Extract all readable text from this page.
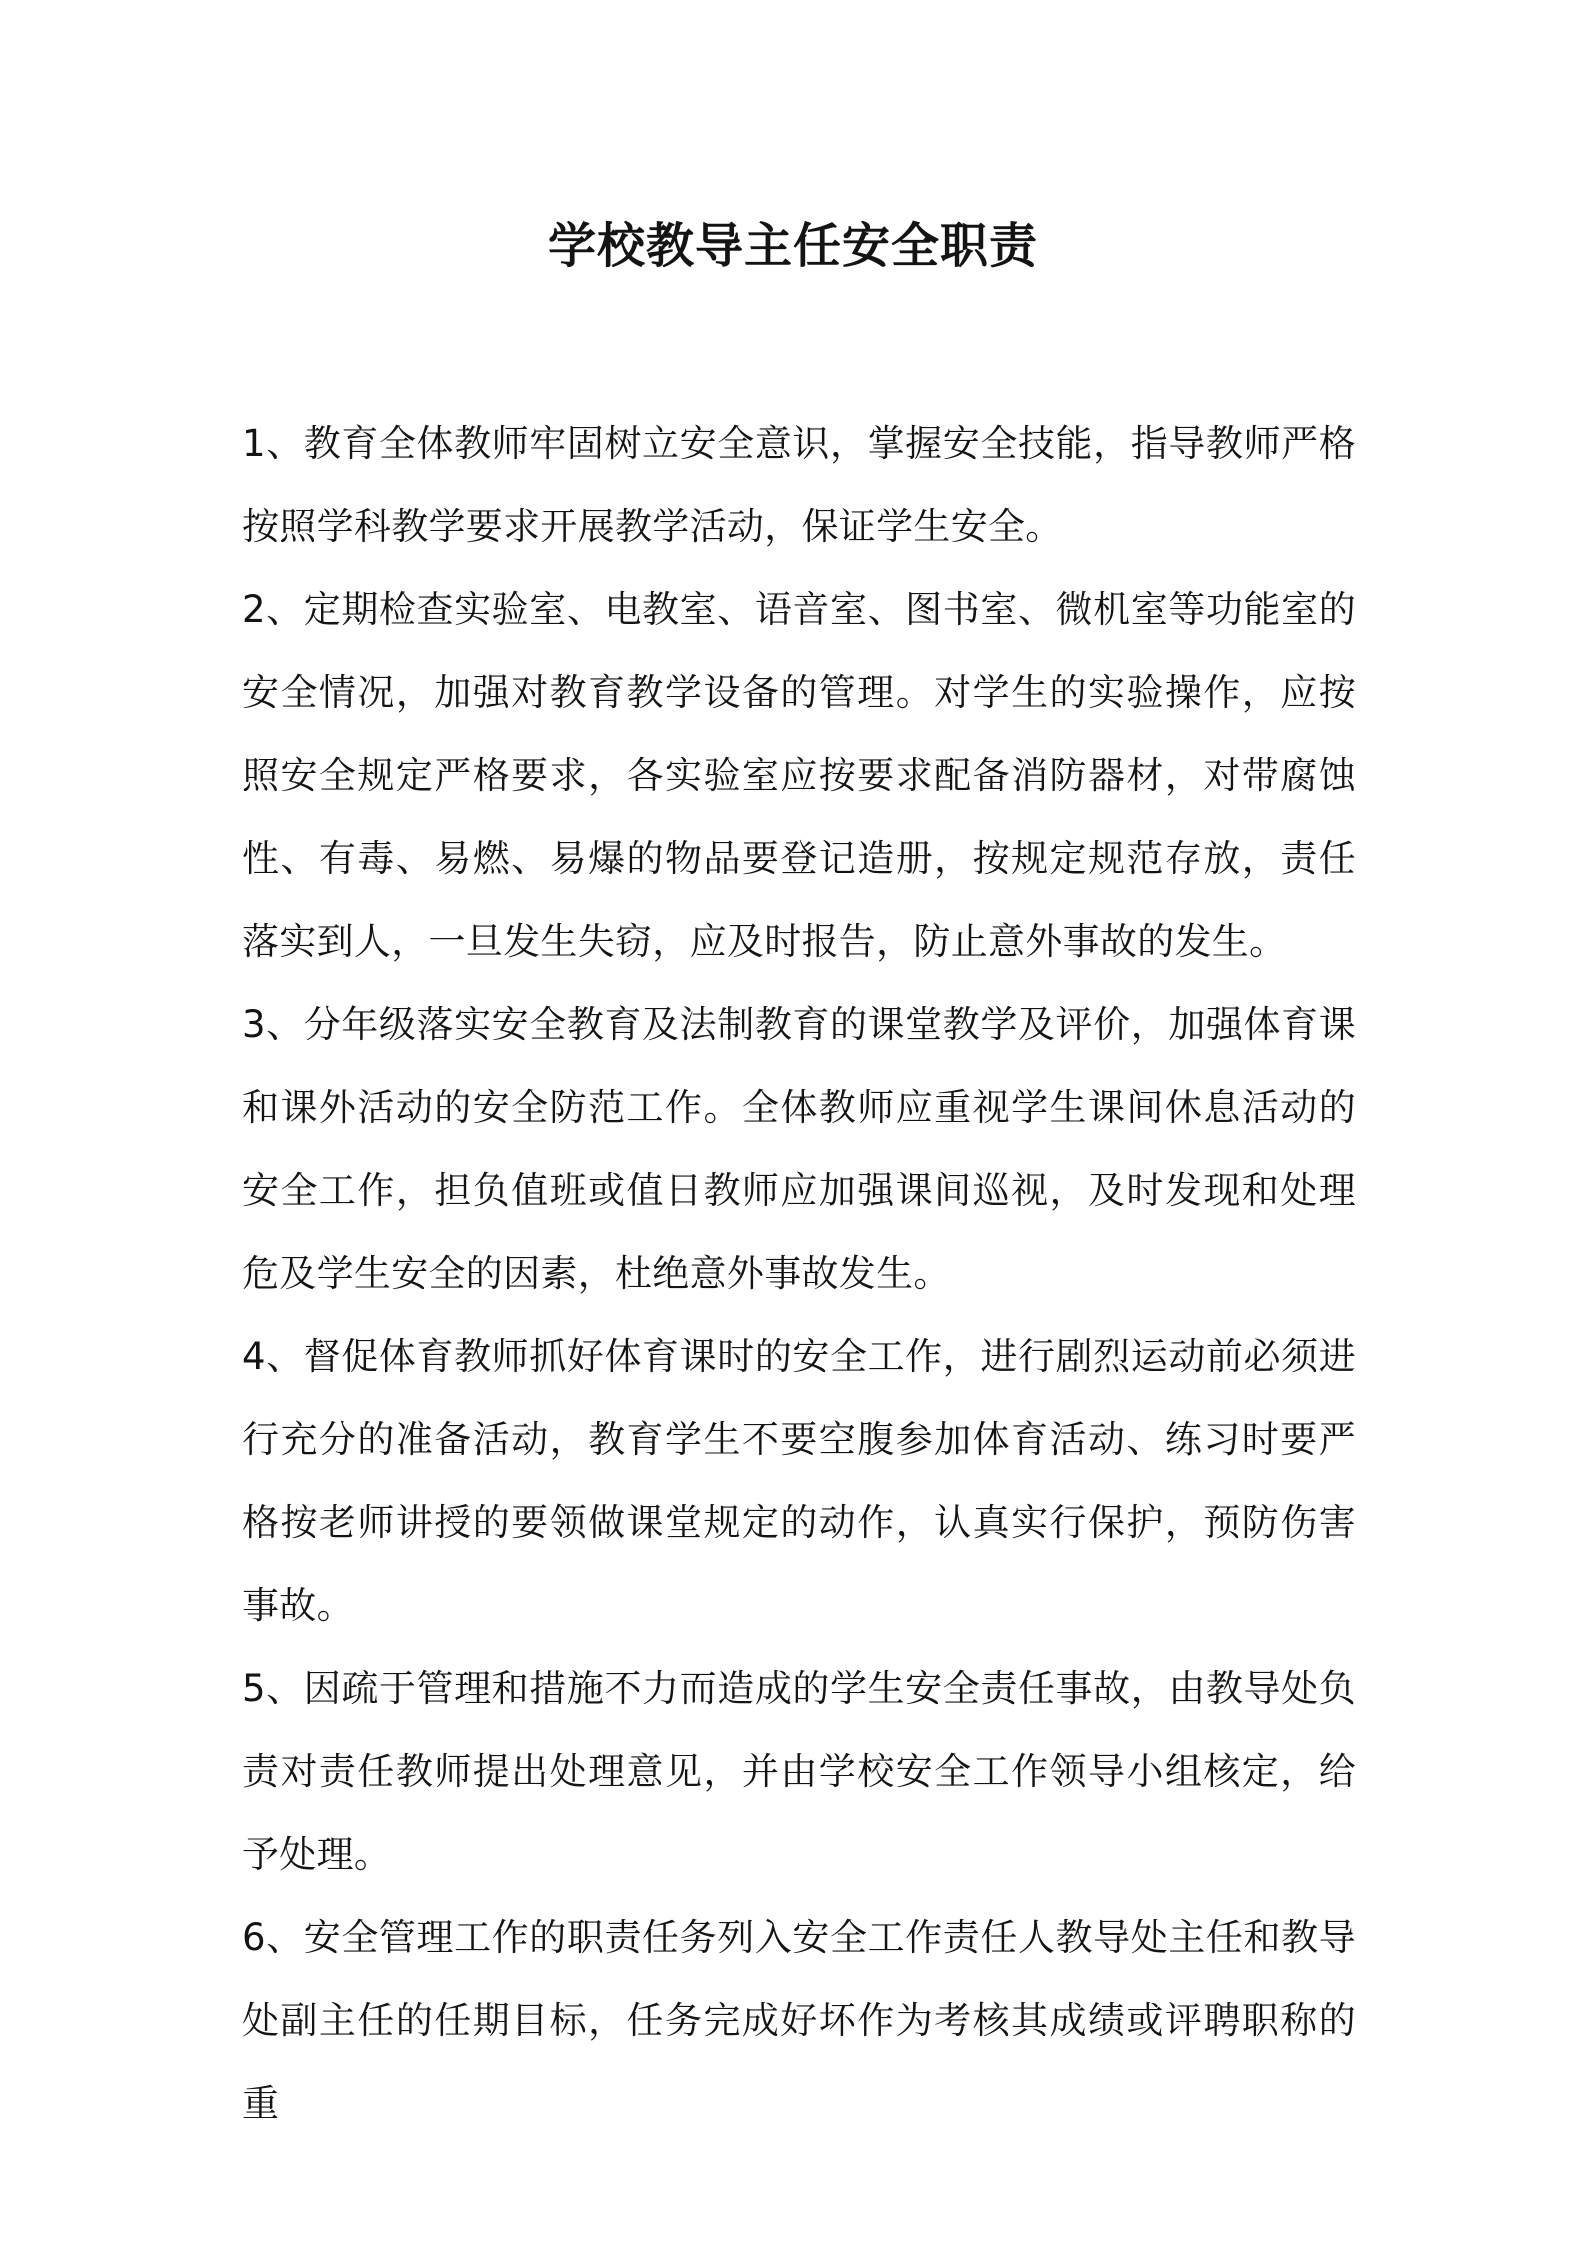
学校教导主任安全职责

1、教育全体教师牢固树立安全意识，掌握安全技能，指导教师严格按照学科教学要求开展教学活动，保证学生安全。

2、定期检查实验室、电教室、语音室、图书室、微机室等功能室的安全情况，加强对教育教学设备的管理。对学生的实验操作，应按照安全规定严格要求，各实验室应按要求配备消防器材，对带腐蚀性、有毒、易燃、易爆的物品要登记造册，按规定规范存放，责任落实到人，一旦发生失窃，应及时报告，防止意外事故的发生。

3、分年级落实安全教育及法制教育的课堂教学及评价，加强体育课和课外活动的安全防范工作。全体教师应重视学生课间休息活动的安全工作，担负值班或值日教师应加强课间巡视，及时发现和处理危及学生安全的因素，杜绝意外事故发生。

4、督促体育教师抓好体育课时的安全工作，进行剧烈运动前必须进行充分的准备活动，教育学生不要空腹参加体育活动、练习时要严格按老师讲授的要领做课堂规定的动作，认真实行保护，预防伤害事故。

5、因疏于管理和措施不力而造成的学生安全责任事故，由教导处负责对责任教师提出处理意见，并由学校安全工作领导小组核定，给予处理。

6、安全管理工作的职责任务列入安全工作责任人教导处主任和教导处副主任的任期目标，任务完成好坏作为考核其成绩或评聘职称的重
